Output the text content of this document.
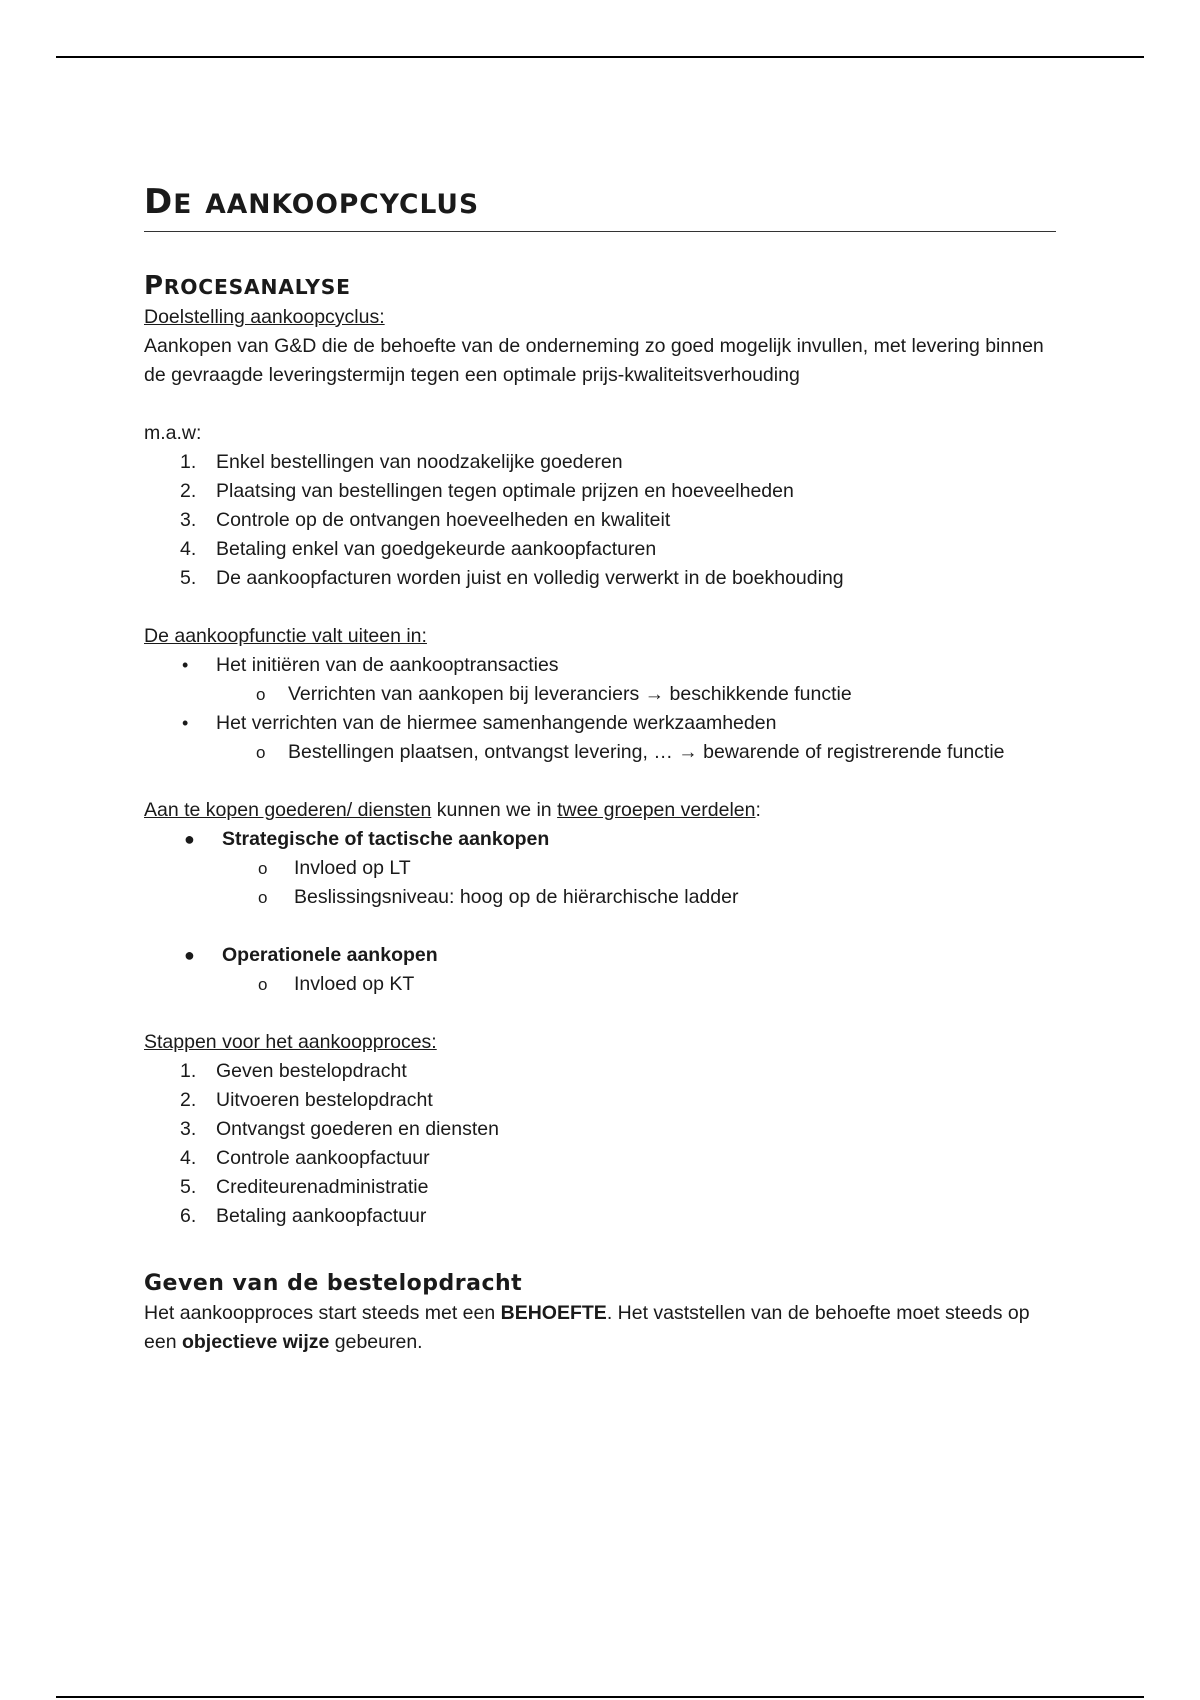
DE AANKOOPCYCLUS
PROCESANALYSE

Doelstelling aankoopcyclus:

Aankopen van G&D die de behoefte van de onderneming zo goed mogelijk invullen, met levering binnen de gevraagde leveringstermijn tegen een optimale prijs-kwaliteitsverhouding

m.a.w:

1.	Enkel bestellingen van noodzakelijke goederen
2.	Plaatsing van bestellingen tegen optimale prijzen en hoeveelheden
3.	Controle op de ontvangen hoeveelheden en kwaliteit
4.	Betaling enkel van goedgekeurde aankoopfacturen
5.	De aankoopfacturen worden juist en volledig verwerkt in de boekhouding

De aankoopfunctie valt uiteen in:

• Het initiëren van de aankooptransacties
o Verrichten van aankopen bij leveranciers → beschikkende functie
• Het verrichten van de hiermee samenhangende werkzaamheden
o Bestellingen plaatsen, ontvangst levering, … → bewarende of registrerende functie

Aan te kopen goederen/ diensten kunnen we in twee groepen verdelen:

● Strategische of tactische aankopen
o Invloed op LT
o Beslissingsniveau: hoog op de hiërarchische ladder
● Operationele aankopen
o Invloed op KT

Stappen voor het aankoopproces:

1.	Geven bestelopdracht
2.	Uitvoeren bestelopdracht
3.	Ontvangst goederen en diensten
4.	Controle aankoopfactuur
5.	Crediteurenadministratie
6.	Betaling aankoopfactuur
Geven van de bestelopdracht

Het aankoopproces start steeds met een BEHOEFTE. Het vaststellen van de behoefte moet steeds op een objectieve wijze gebeuren.
